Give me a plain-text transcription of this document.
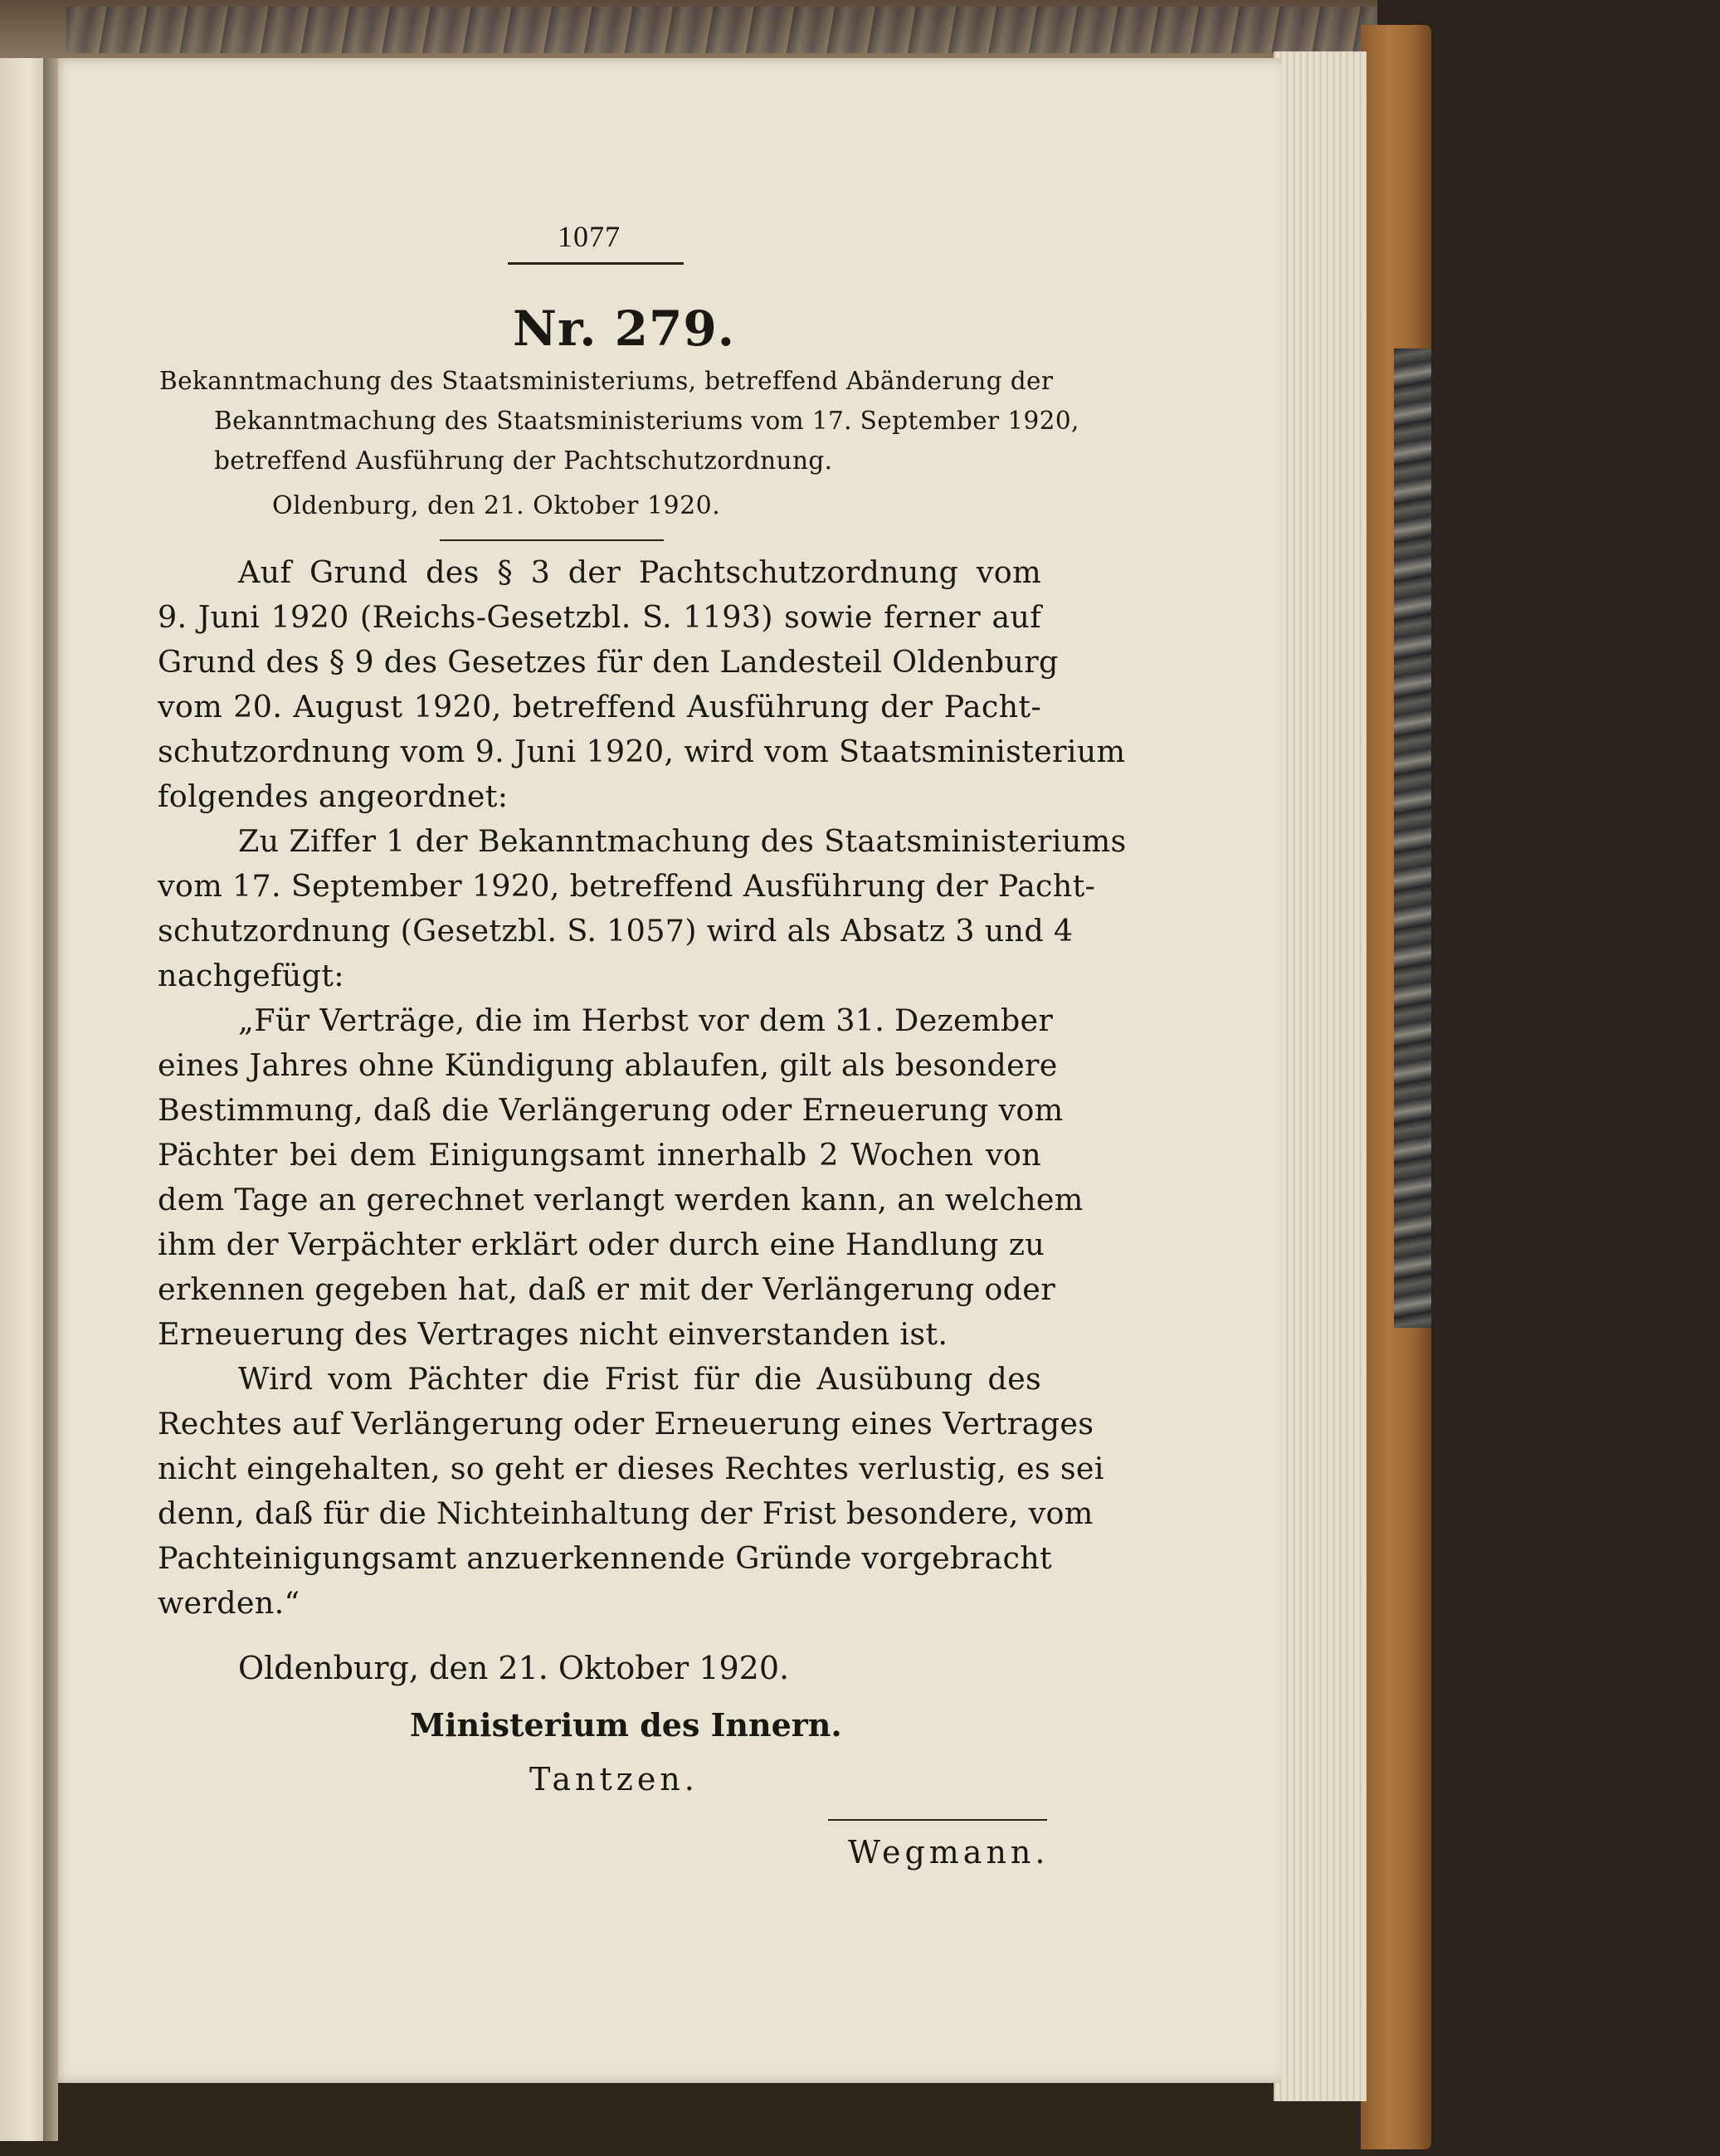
1077
Nr. 279.
Bekanntmachung des Staatsministeriums, betreffend Abänderung der
Bekanntmachung des Staatsministeriums vom 17. September 1920,
betreffend Ausführung der Pachtschutzordnung.
Oldenburg, den 21. Oktober 1920.
Auf Grund des § 3 der Pachtschutzordnung vom
9. Juni 1920 (Reichs-Gesetzbl. S. 1193) sowie ferner auf
Grund des § 9 des Gesetzes für den Landesteil Oldenburg
vom 20. August 1920, betreffend Ausführung der Pacht-
schutzordnung vom 9. Juni 1920, wird vom Staatsministerium
folgendes angeordnet:
Zu Ziffer 1 der Bekanntmachung des Staatsministeriums
vom 17. September 1920, betreffend Ausführung der Pacht-
schutzordnung (Gesetzbl. S. 1057) wird als Absatz 3 und 4
nachgefügt:
„Für Verträge, die im Herbst vor dem 31. Dezember
eines Jahres ohne Kündigung ablaufen, gilt als besondere
Bestimmung, daß die Verlängerung oder Erneuerung vom
Pächter bei dem Einigungsamt innerhalb 2 Wochen von
dem Tage an gerechnet verlangt werden kann, an welchem
ihm der Verpächter erklärt oder durch eine Handlung zu
erkennen gegeben hat, daß er mit der Verlängerung oder
Erneuerung des Vertrages nicht einverstanden ist.
Wird vom Pächter die Frist für die Ausübung des
Rechtes auf Verlängerung oder Erneuerung eines Vertrages
nicht eingehalten, so geht er dieses Rechtes verlustig, es sei
denn, daß für die Nichteinhaltung der Frist besondere, vom
Pachteinigungsamt anzuerkennende Gründe vorgebracht
werden.“
Oldenburg, den 21. Oktober 1920.
Ministerium des Innern.
Tantzen.
Wegmann.
